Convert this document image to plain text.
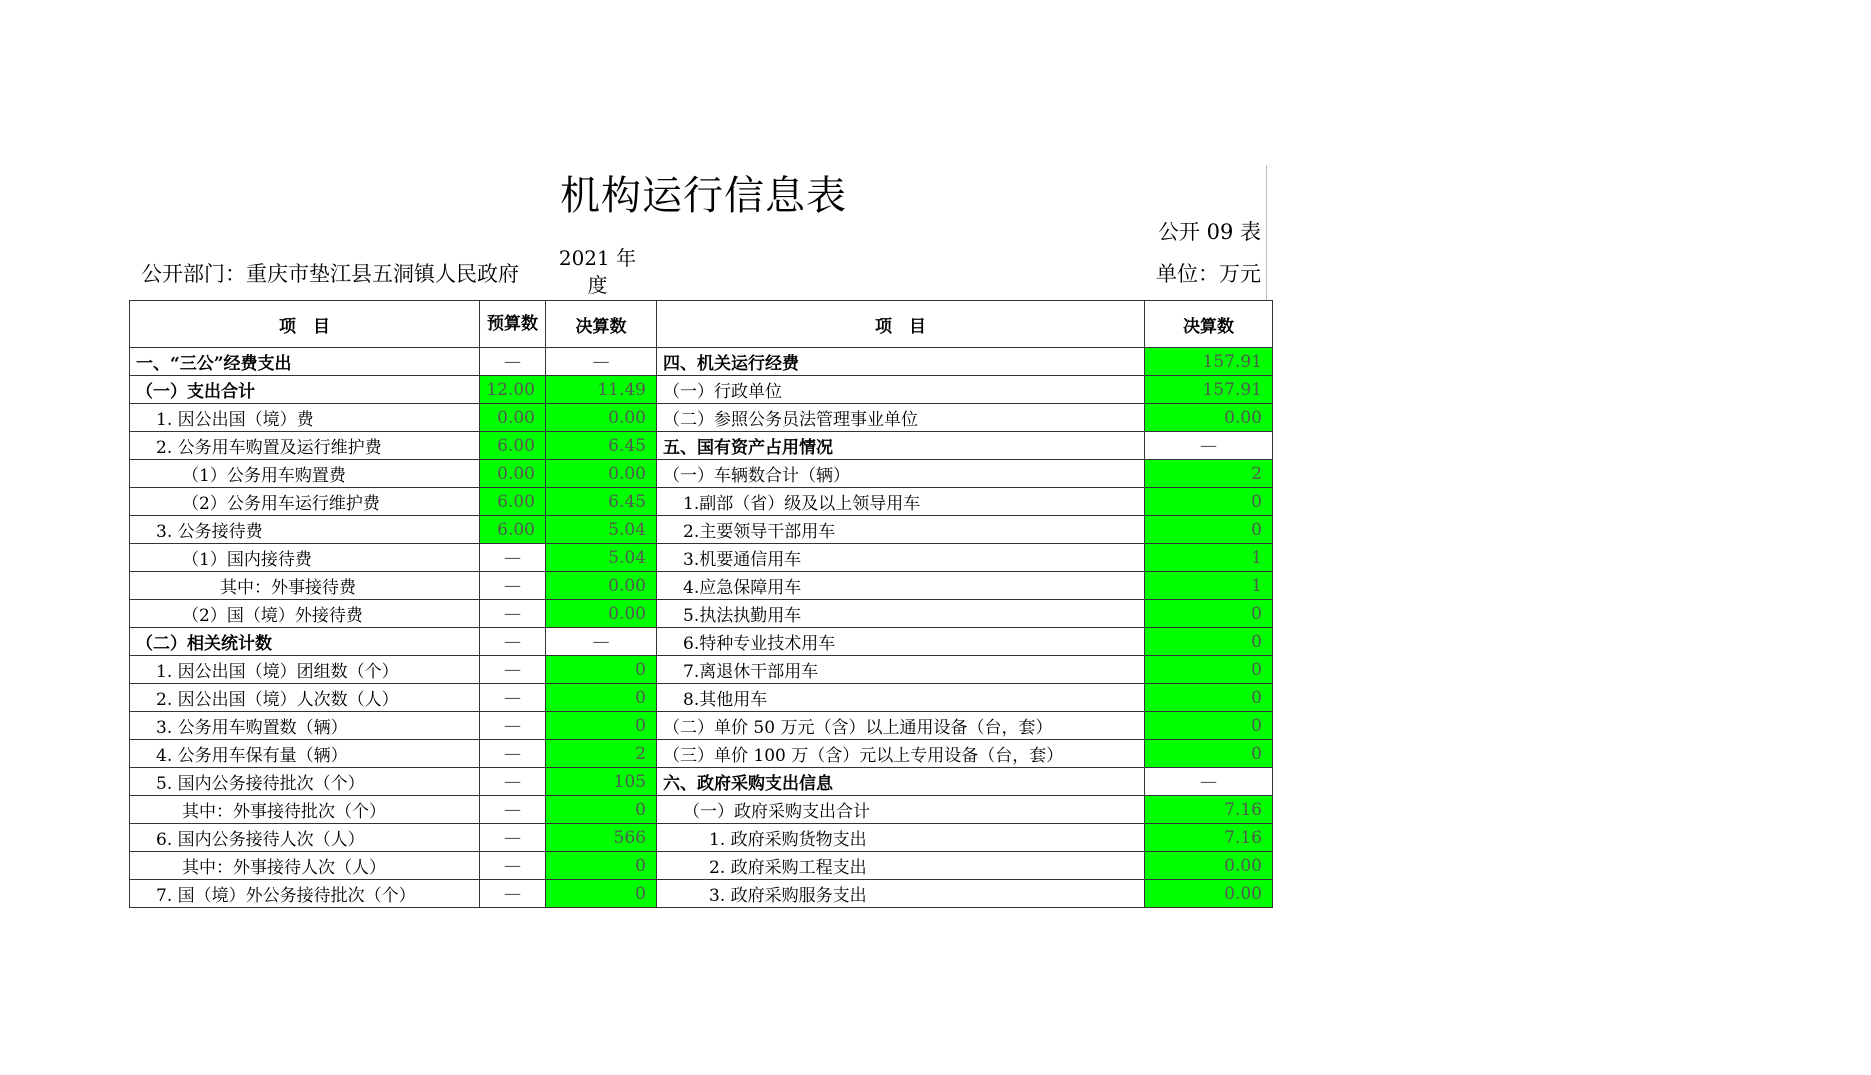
机构运行信息表
公开 09 表
公开部门：重庆市垫江县五洞镇人民政府
2021 年度	单位：万元
项　目	预算数	决算数	项　目	决算数
一、“三公”经费支出	—	—	四、机关运行经费	157.91
（一）支出合计	12.00	11.49	（一）行政单位	157.91
1. 因公出国（境）费	0.00	0.00	（二）参照公务员法管理事业单位	0.00
2. 公务用车购置及运行维护费	6.00	6.45	五、国有资产占用情况	—
（1）公务用车购置费	0.00	0.00	（一）车辆数合计（辆）	2
（2）公务用车运行维护费	6.00	6.45	1.副部（省）级及以上领导用车	0
3. 公务接待费	6.00	5.04	2.主要领导干部用车	0
（1）国内接待费	—	5.04	3.机要通信用车	1
其中：外事接待费	—	0.00	4.应急保障用车	1
（2）国（境）外接待费	—	0.00	5.执法执勤用车	0
（二）相关统计数	—	—	6.特种专业技术用车	0
1. 因公出国（境）团组数（个）	—	0	7.离退休干部用车	0
2. 因公出国（境）人次数（人）	—	0	8.其他用车	0
3. 公务用车购置数（辆）	—	0	（二）单价 50 万元（含）以上通用设备（台，套）	0
4. 公务用车保有量（辆）	—	2	（三）单价 100 万（含）元以上专用设备（台，套）	0
5. 国内公务接待批次（个）	—	105	六、政府采购支出信息	—
其中：外事接待批次（个）	—	0	（一）政府采购支出合计	7.16
6. 国内公务接待人次（人）	—	566	1. 政府采购货物支出	7.16
其中：外事接待人次（人）	—	0	2. 政府采购工程支出	0.00
7. 国（境）外公务接待批次（个）	—	0	3. 政府采购服务支出	0.00
